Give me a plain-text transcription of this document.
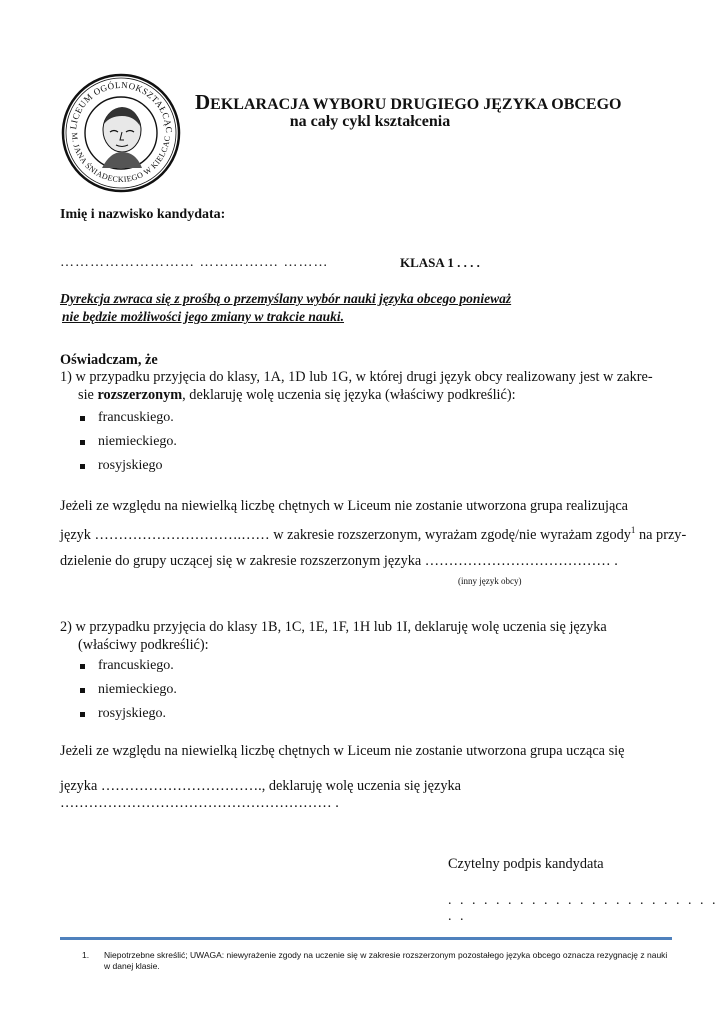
LICEUM OGÓLNOKSZTAŁCĄC
M. JANA ŚNIADECKIEGO W KIELCAC
DEKLARACJA WYBORU DRUGIEGO JĘZYKA OBCEGO
na cały cykl kształcenia
Imię i nazwisko kandydata:
……………………… ………….… ………	KLASA 1 . . . .
Dyrekcja zwraca się z prośbą o przemyślany wybór nauki języka obcego ponieważ
nie będzie możliwości jego zmiany w trakcie nauki.
Oświadczam, że
1) w przypadku przyjęcia do klasy, 1A, 1D lub 1G, w której drugi język obcy realizowany jest w zakre-
sie rozszerzonym, deklaruję wolę uczenia się języka (właściwy podkreślić):
francuskiego.
niemieckiego.
rosyjskiego
Jeżeli ze względu na niewielką liczbę chętnych w Liceum nie zostanie utworzona grupa realizująca
język ………………………….…… w zakresie rozszerzonym, wyrażam zgodę/nie wyrażam zgody$^1$ na przy-
dzielenie do grupy uczącej się w zakresie rozszerzonym języka ………………………………… .
(inny język obcy)
2) w przypadku przyjęcia do klasy 1B, 1C, 1E, 1F, 1H lub 1I, deklaruję wolę uczenia się języka
(właściwy podkreślić):
francuskiego.
niemieckiego.
rosyjskiego.
Jeżeli ze względu na niewielką liczbę chętnych w Liceum nie zostanie utworzona grupa ucząca się
języka ……………………………., deklaruję wolę uczenia się języka ………………………………………………… .
Czytelny podpis kandydata
. . . . . . . . . . . . . . . . . . . . . . . . .
1. Niepotrzebne skreślić; UWAGA: niewyrażenie zgody na uczenie się w zakresie rozszerzonym pozostałego języka obcego oznacza rezygnację z nauki w danej klasie.
